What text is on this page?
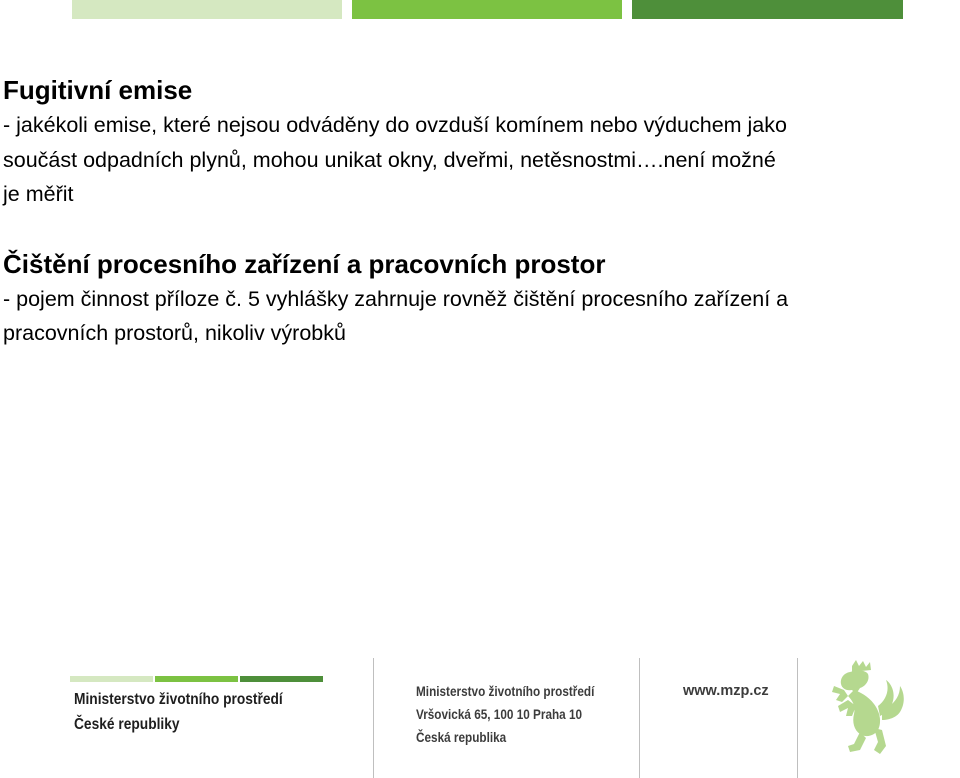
Fugitivní emise

- jakékoli emise, které nejsou odváděny do ovzduší komínem nebo výduchem jako

součást odpadních plynů, mohou unikat okny, dveřmi, netěsnostmi….není možné

je měřit

Čištění procesního zařízení a pracovních prostor

- pojem činnost příloze č. 5 vyhlášky zahrnuje rovněž čištění procesního zařízení a

pracovních prostorů, nikoliv výrobků

Ministerstvo životního prostředí
České republiky
Ministerstvo životního prostředí
Vršovická 65, 100 10 Praha 10
Česká republika
www.mzp.cz
